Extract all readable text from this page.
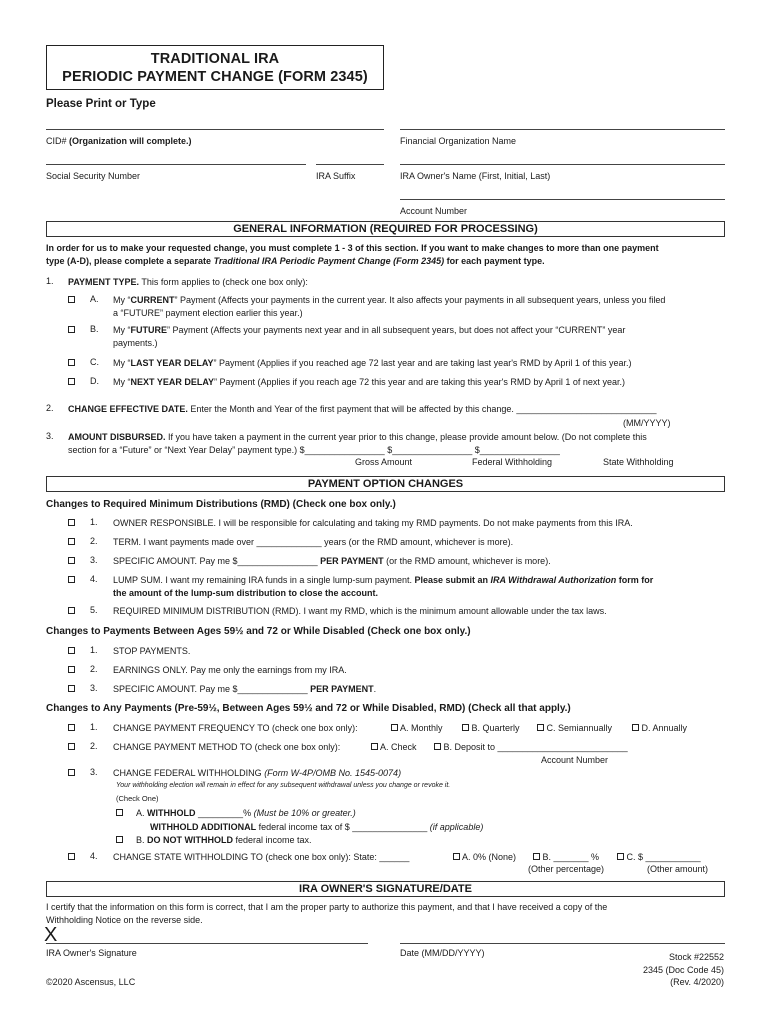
TRADITIONAL IRA
PERIODIC PAYMENT CHANGE (FORM 2345)
Please Print or Type
CID# (Organization will complete.)	Financial Organization Name
Social Security Number	IRA Suffix	IRA Owner's Name (First, Initial, Last)
Account Number
GENERAL INFORMATION (REQUIRED FOR PROCESSING)
In order for us to make your requested change, you must complete 1 - 3 of this section. If you want to make changes to more than one payment
type (A-D), please complete a separate Traditional IRA Periodic Payment Change (Form 2345) for each payment type.
1. PAYMENT TYPE. This form applies to (check one box only):
A. My “CURRENT” Payment (Affects your payments in the current year. It also affects your payments in all subsequent years, unless you filed
a “FUTURE” payment election earlier this year.)
B. My “FUTURE” Payment (Affects your payments next year and in all subsequent years, but does not affect your “CURRENT” year
payments.)
C. My “LAST YEAR DELAY” Payment (Applies if you reached age 72 last year and are taking last year's RMD by April 1 of this year.)
D. My “NEXT YEAR DELAY” Payment (Applies if you reach age 72 this year and are taking this year's RMD by April 1 of next year.)
2. CHANGE EFFECTIVE DATE. Enter the Month and Year of the first payment that will be affected by this change. ____________________________
(MM/YYYY)
3. AMOUNT DISBURSED. If you have taken a payment in the current year prior to this change, please provide amount below. (Do not complete this
section for a “Future” or “Next Year Delay” payment type.) $________________ $________________ $________________
Gross Amount	Federal Withholding	State Withholding
PAYMENT OPTION CHANGES
Changes to Required Minimum Distributions (RMD) (Check one box only.)
1. OWNER RESPONSIBLE. I will be responsible for calculating and taking my RMD payments. Do not make payments from this IRA.
2. TERM. I want payments made over _____________ years (or the RMD amount, whichever is more).
3. SPECIFIC AMOUNT. Pay me $________________ PER PAYMENT (or the RMD amount, whichever is more).
4. LUMP SUM. I want my remaining IRA funds in a single lump-sum payment. Please submit an IRA Withdrawal Authorization form for
the amount of the lump-sum distribution to close the account.
5. REQUIRED MINIMUM DISTRIBUTION (RMD). I want my RMD, which is the minimum amount allowable under the tax laws.
Changes to Payments Between Ages 59½ and 72 or While Disabled (Check one box only.)
1. STOP PAYMENTS.
2. EARNINGS ONLY. Pay me only the earnings from my IRA.
3. SPECIFIC AMOUNT. Pay me $______________ PER PAYMENT.
Changes to Any Payments (Pre-59½, Between Ages 59½ and 72 or While Disabled, RMD) (Check all that apply.)
1. CHANGE PAYMENT FREQUENCY TO (check one box only):	A. Monthly	B. Quarterly	C. Semiannually	D. Annually
2. CHANGE PAYMENT METHOD TO (check one box only):	A. Check	B. Deposit to __________________________
Account Number
3. CHANGE FEDERAL WITHHOLDING (Form W-4P/OMB No. 1545-0074)
Your withholding election will remain in effect for any subsequent withdrawal unless you change or revoke it.
(Check One)
A. WITHHOLD _________% (Must be 10% or greater.)
WITHHOLD ADDITIONAL federal income tax of $ _______________ (if applicable)
B. DO NOT WITHHOLD federal income tax.
4. CHANGE STATE WITHHOLDING TO (check one box only): State: ______	A. 0% (None)	B. _______ %	C. $ ___________
(Other percentage)	(Other amount)
IRA OWNER'S SIGNATURE/DATE
I certify that the information on this form is correct, that I am the proper party to authorize this payment, and that I have received a copy of the
Withholding Notice on the reverse side.
X
IRA Owner's Signature	Date (MM/DD/YYYY)	Stock #22552
2345 (Doc Code 45)
(Rev. 4/2020)
©2020 Ascensus, LLC
